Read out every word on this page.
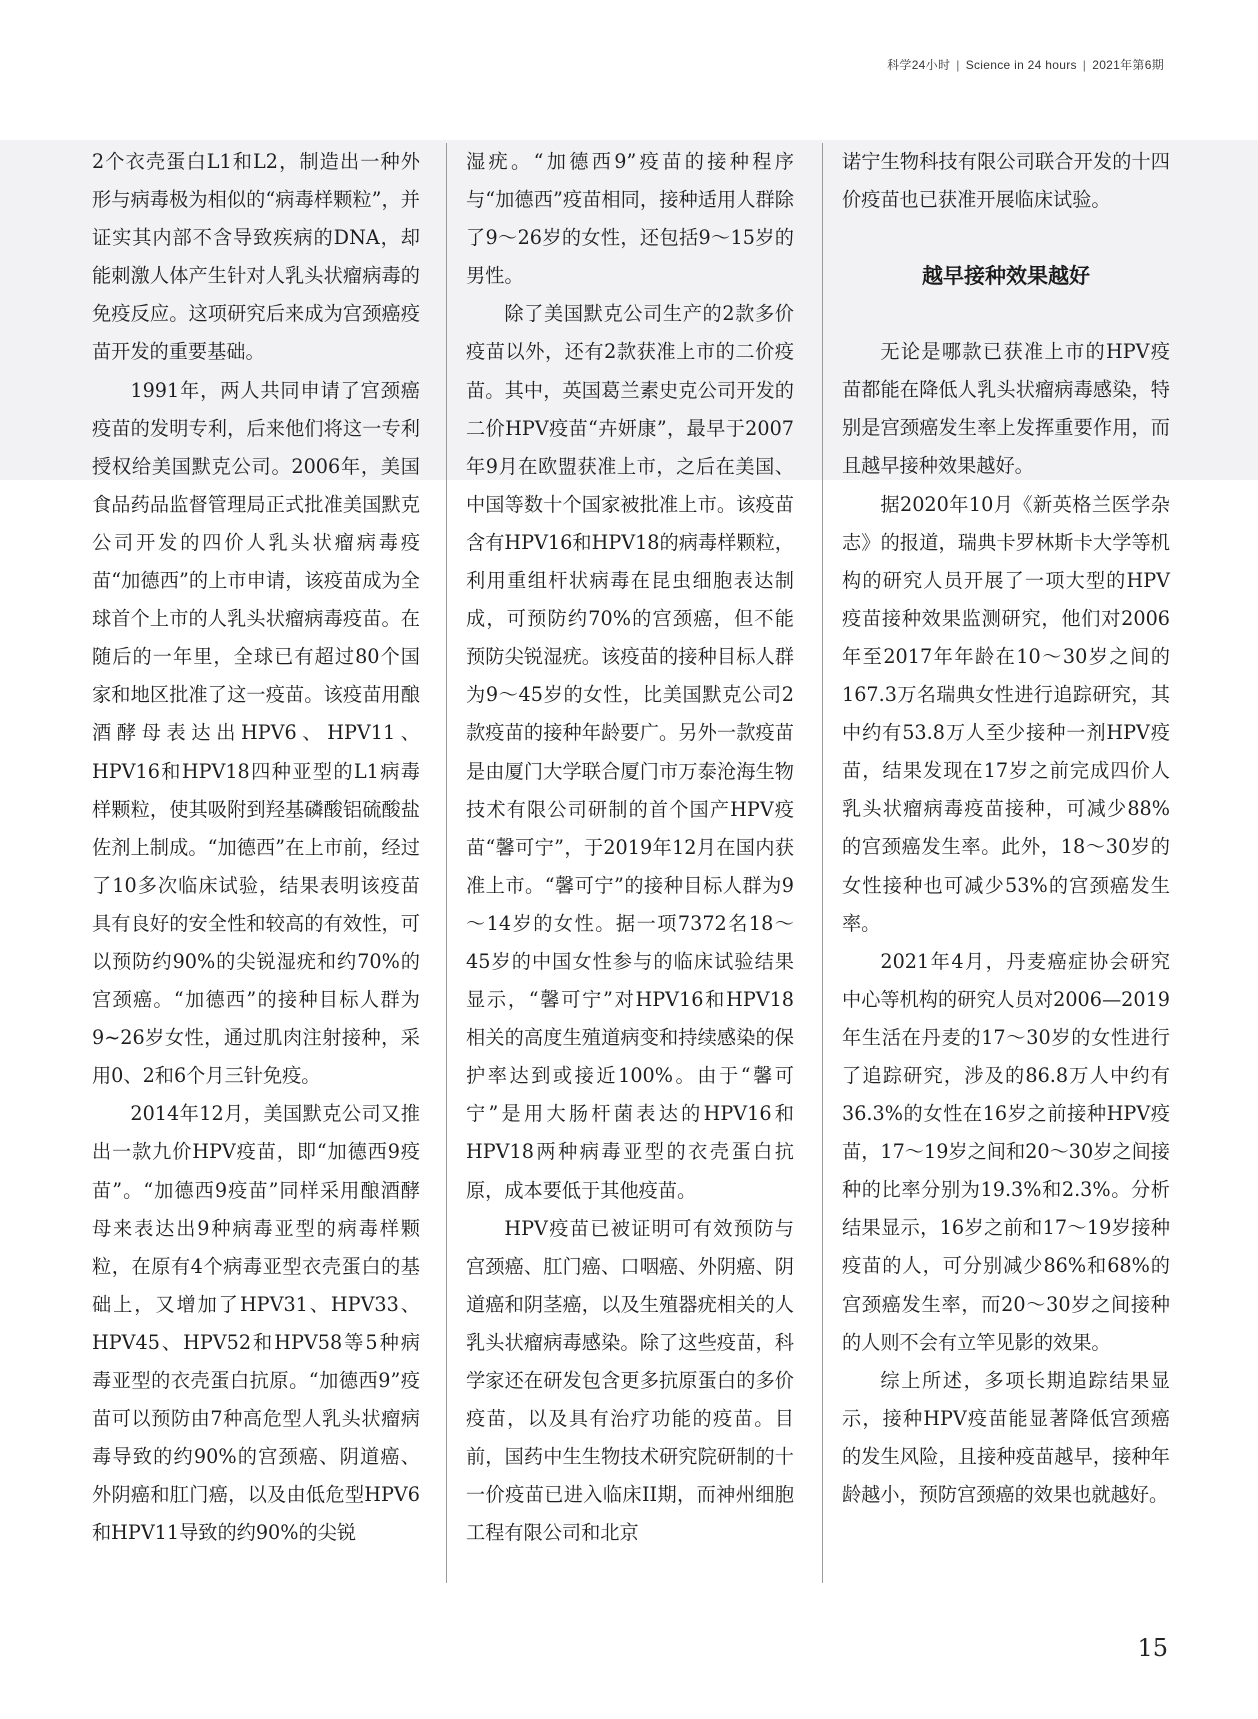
科学24小时 | Science in 24 hours | 2021年第6期

2个衣壳蛋白L1和L2，制造出一种外形与病毒极为相似的“病毒样颗粒”，并证实其内部不含导致疾病的DNA，却能刺激人体产生针对人乳头状瘤病毒的免疫反应。这项研究后来成为宫颈癌疫苗开发的重要基础。

1991年，两人共同申请了宫颈癌疫苗的发明专利，后来他们将这一专利授权给美国默克公司。2006年，美国食品药品监督管理局正式批准美国默克公司开发的四价人乳头状瘤病毒疫苗“加德西”的上市申请，该疫苗成为全球首个上市的人乳头状瘤病毒疫苗。在随后的一年里，全球已有超过80个国家和地区批准了这一疫苗。该疫苗用酿酒酵母表达出HPV6、HPV11、HPV16和HPV18四种亚型的L1病毒样颗粒，使其吸附到羟基磷酸铝硫酸盐佐剂上制成。“加德西”在上市前，经过了10多次临床试验，结果表明该疫苗具有良好的安全性和较高的有效性，可以预防约90%的尖锐湿疣和约70%的宫颈癌。“加德西”的接种目标人群为9~26岁女性，通过肌肉注射接种，采用0、2和6个月三针免疫。

2014年12月，美国默克公司又推出一款九价HPV疫苗，即“加德西9疫苗”。“加德西9疫苗”同样采用酿酒酵母来表达出9种病毒亚型的病毒样颗粒，在原有4个病毒亚型衣壳蛋白的基础上，又增加了HPV31、HPV33、HPV45、HPV52和HPV58等5种病毒亚型的衣壳蛋白抗原。“加德西9”疫苗可以预防由7种高危型人乳头状瘤病毒导致的约90%的宫颈癌、阴道癌、外阴癌和肛门癌，以及由低危型HPV6和HPV11导致的约90%的尖锐

湿疣。“加德西9”疫苗的接种程序与“加德西”疫苗相同，接种适用人群除了9～26岁的女性，还包括9～15岁的男性。

除了美国默克公司生产的2款多价疫苗以外，还有2款获准上市的二价疫苗。其中，英国葛兰素史克公司开发的二价HPV疫苗“卉妍康”，最早于2007年9月在欧盟获准上市，之后在美国、中国等数十个国家被批准上市。该疫苗含有HPV16和HPV18的病毒样颗粒，利用重组杆状病毒在昆虫细胞表达制成，可预防约70%的宫颈癌，但不能预防尖锐湿疣。该疫苗的接种目标人群为9～45岁的女性，比美国默克公司2款疫苗的接种年龄要广。另外一款疫苗是由厦门大学联合厦门市万泰沧海生物技术有限公司研制的首个国产HPV疫苗“馨可宁”，于2019年12月在国内获准上市。“馨可宁”的接种目标人群为9～14岁的女性。据一项7372名18～45岁的中国女性参与的临床试验结果显示，“馨可宁”对HPV16和HPV18相关的高度生殖道病变和持续感染的保护率达到或接近100%。由于“馨可宁”是用大肠杆菌表达的HPV16和HPV18两种病毒亚型的衣壳蛋白抗原，成本要低于其他疫苗。

HPV疫苗已被证明可有效预防与宫颈癌、肛门癌、口咽癌、外阴癌、阴道癌和阴茎癌，以及生殖器疣相关的人乳头状瘤病毒感染。除了这些疫苗，科学家还在研发包含更多抗原蛋白的多价疫苗，以及具有治疗功能的疫苗。目前，国药中生生物技术研究院研制的十一价疫苗已进入临床II期，而神州细胞工程有限公司和北京

诺宁生物科技有限公司联合开发的十四价疫苗也已获准开展临床试验。

越早接种效果越好

无论是哪款已获准上市的HPV疫苗都能在降低人乳头状瘤病毒感染，特别是宫颈癌发生率上发挥重要作用，而且越早接种效果越好。

据2020年10月《新英格兰医学杂志》的报道，瑞典卡罗林斯卡大学等机构的研究人员开展了一项大型的HPV疫苗接种效果监测研究，他们对2006年至2017年年龄在10～30岁之间的167.3万名瑞典女性进行追踪研究，其中约有53.8万人至少接种一剂HPV疫苗，结果发现在17岁之前完成四价人乳头状瘤病毒疫苗接种，可减少88%的宫颈癌发生率。此外，18～30岁的女性接种也可减少53%的宫颈癌发生率。

2021年4月，丹麦癌症协会研究中心等机构的研究人员对2006—2019年生活在丹麦的17～30岁的女性进行了追踪研究，涉及的86.8万人中约有36.3%的女性在16岁之前接种HPV疫苗，17～19岁之间和20～30岁之间接种的比率分别为19.3%和2.3%。分析结果显示，16岁之前和17～19岁接种疫苗的人，可分别减少86%和68%的宫颈癌发生率，而20～30岁之间接种的人则不会有立竿见影的效果。

综上所述，多项长期追踪结果显示，接种HPV疫苗能显著降低宫颈癌的发生风险，且接种疫苗越早，接种年龄越小，预防宫颈癌的效果也就越好。

15
